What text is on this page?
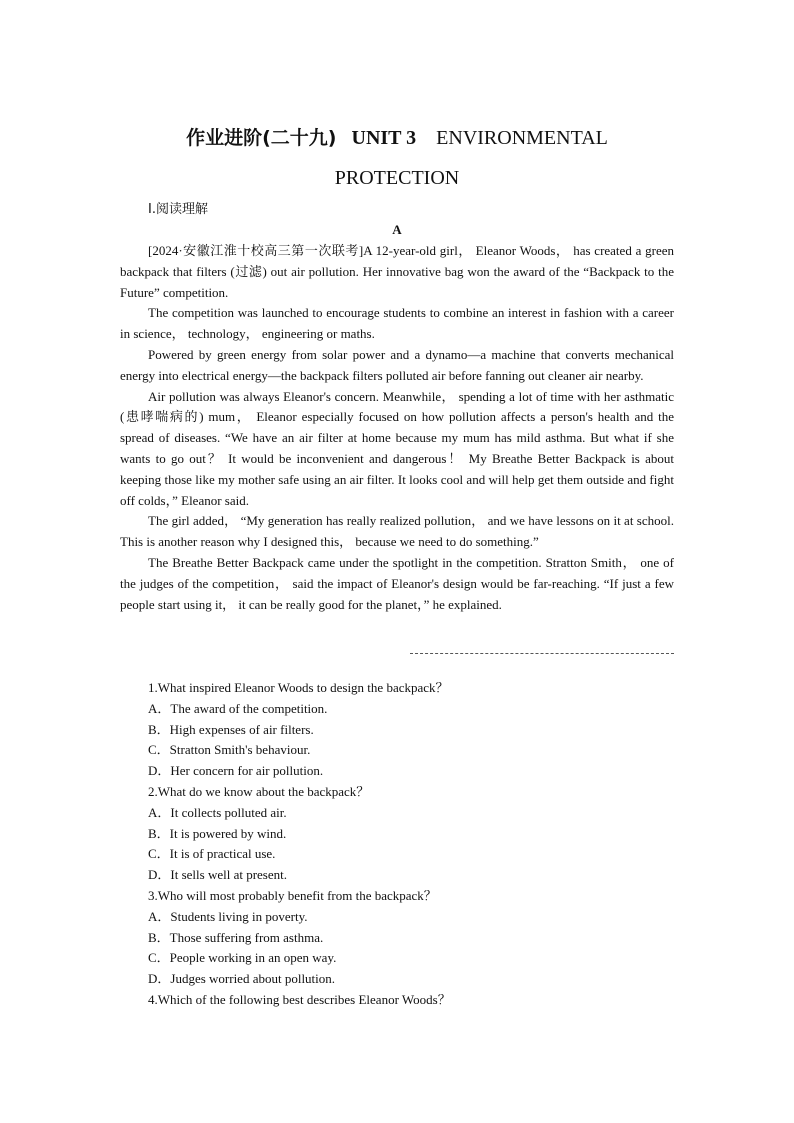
作业进阶(二十九) UNIT 3 ENVIRONMENTAL
PROTECTION
Ⅰ.阅读理解
A

[2024·安徽江淮十校高三第一次联考]A 12-year-old girl， Eleanor Woods， has created a green backpack that filters (过滤) out air pollution. Her innovative bag won the award of the “Backpack to the Future” competition.

The competition was launched to encourage students to combine an interest in fashion with a career in science， technology， engineering or maths.

Powered by green energy from solar power and a dynamo—a machine that converts mechanical energy into electrical energy—the backpack filters polluted air before fanning out cleaner air nearby.

Air pollution was always Eleanor's concern. Meanwhile， spending a lot of time with her asthmatic (患哮喘病的) mum， Eleanor especially focused on how pollution affects a person's health and the spread of diseases. “We have an air filter at home because my mum has mild asthma. But what if she wants to go out？ It would be inconvenient and dangerous！ My Breathe Better Backpack is about keeping those like my mother safe using an air filter. It looks cool and will help get them outside and fight off colds，” Eleanor said.

The girl added， “My generation has really realized pollution， and we have lessons on it at school. This is another reason why I designed this， because we need to do something.”

The Breathe Better Backpack came under the spotlight in the competition. Stratton Smith， one of the judges of the competition， said the impact of Eleanor's design would be far-reaching. “If just a few people start using it， it can be really good for the planet，” he explained.

1.What inspired Eleanor Woods to design the backpack？
A．The award of the competition.
B．High expenses of air filters.
C．Stratton Smith's behaviour.
D．Her concern for air pollution.
2.What do we know about the backpack？
A．It collects polluted air.
B．It is powered by wind.
C．It is of practical use.
D．It sells well at present.
3.Who will most probably benefit from the backpack？
A．Students living in poverty.
B．Those suffering from asthma.
C．People working in an open way.
D．Judges worried about pollution.
4.Which of the following best describes Eleanor Woods？
